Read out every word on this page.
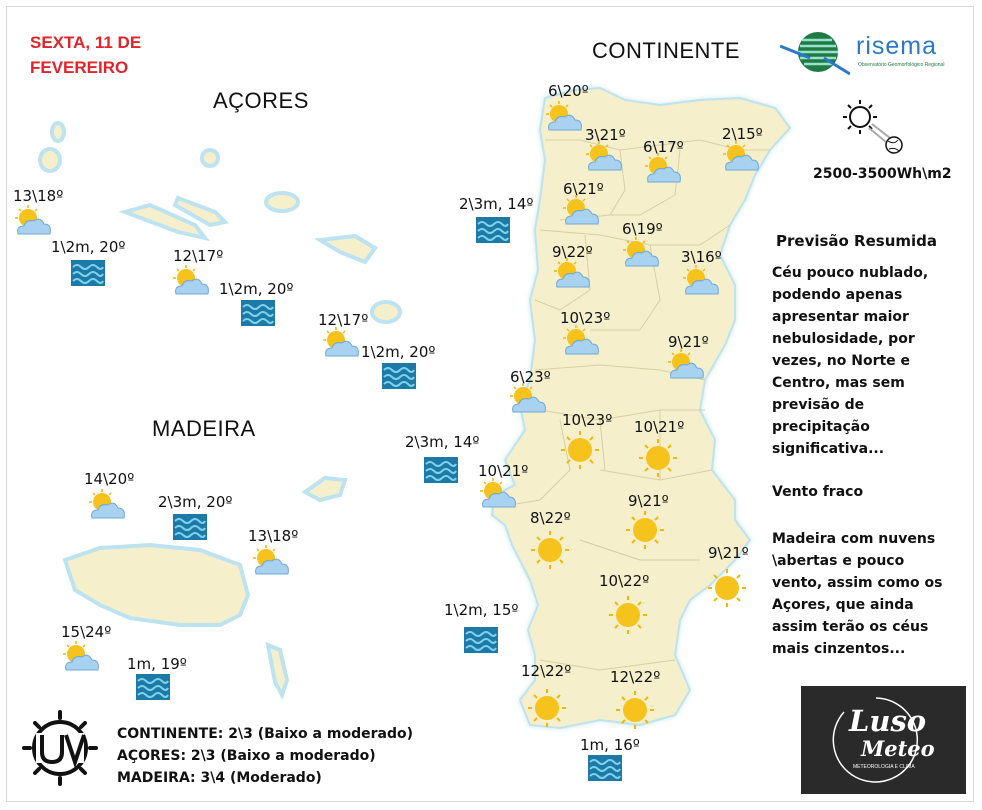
SEXTA, 11 DE
FEVEREIRO
CONTINENTE
AÇORES
MADEIRA
6\20º
3\21º
6\17º
2\15º
6\21º
6\19º
9\22º	3\16º
10\23º
9\21º
6\23º
10\23º 10\21º
10\21º
8\22º
9\21º
9\21º
10\22º
12\22º	12\22º
13\18º
12\17º
12\17º
14\20º
13\18º
15\24º
2\3m, 14º
2\3m, 14º
1\2m, 15º
1m, 16º
1\2m, 20º
1\2m, 20º
1\2m, 20º
2\3m, 20º
1m, 19º
risema
Observatório Geomorfológico Regional
2500-3500Wh\m2
Previsão Resumida
Céu pouco nublado, podendo apenas apresentar maior nebulosidade, por vezes, no Norte e Centro, mas sem previsão de precipitação significativa...
Vento fraco
Madeira com nuvens \abertas e pouco vento, assim como os Açores, que ainda assim terão os céus mais cinzentos...
Luso
Meteo
METEOROLOGIA E CLIMA
CONTINENTE: 2\3 (Baixo a moderado)
AÇORES: 2\3 (Baixo a moderado)
MADEIRA: 3\4 (Moderado)
